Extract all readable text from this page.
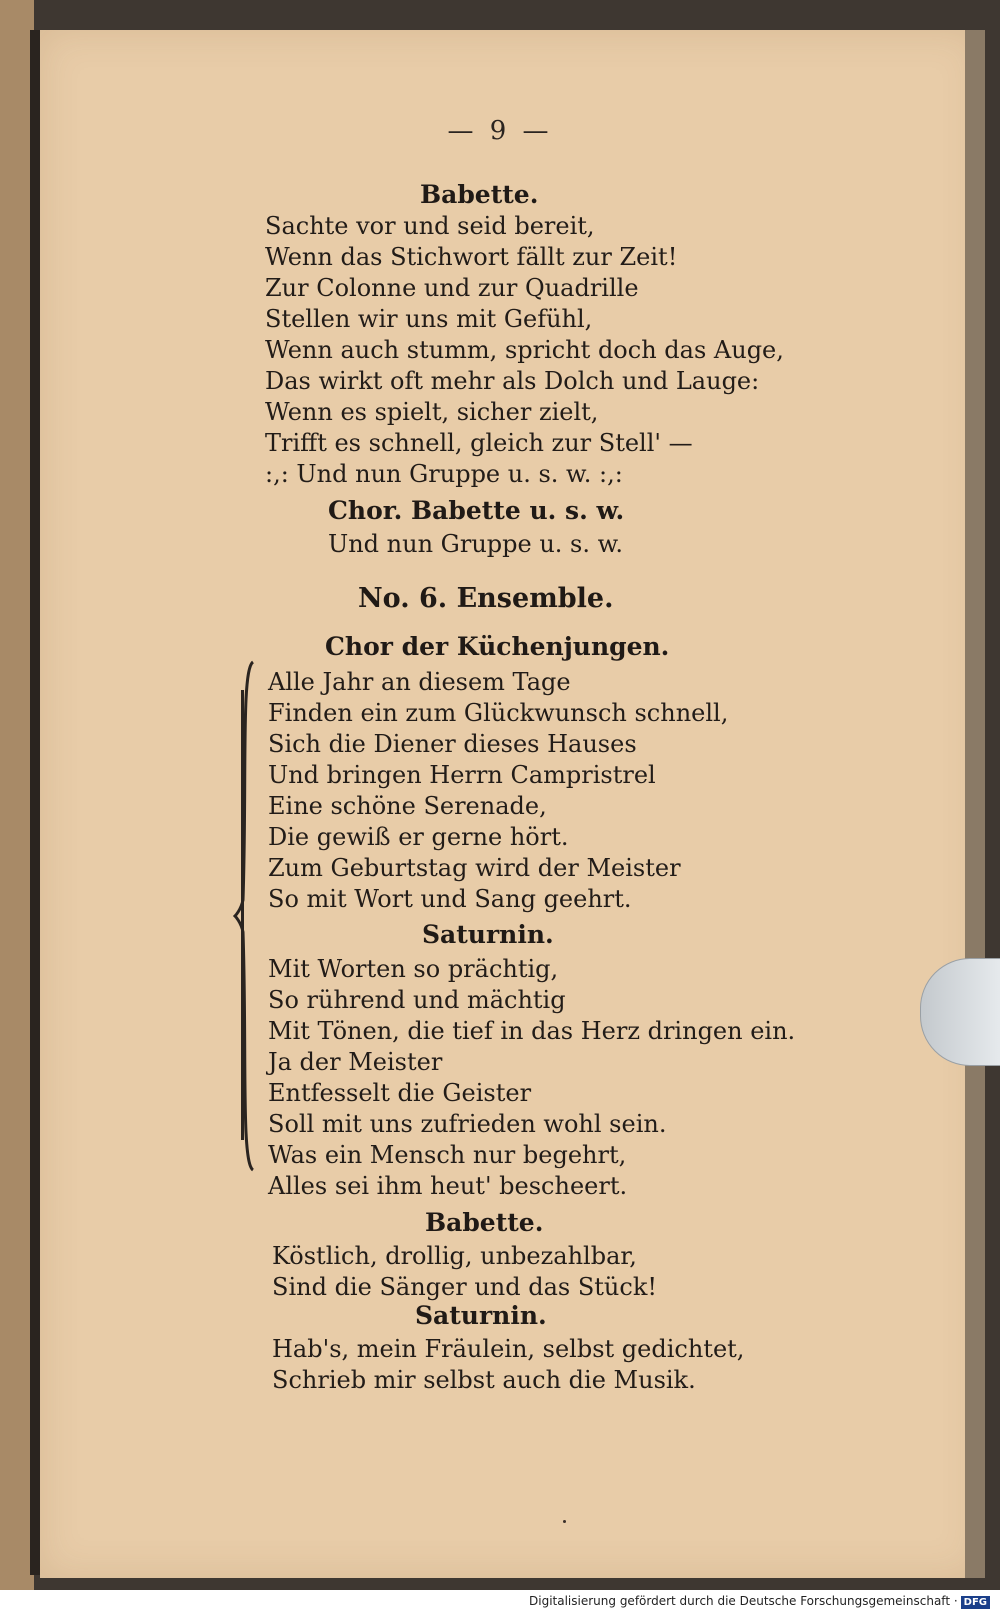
— 9 —
Babette.
Sachte vor und seid bereit,
Wenn das Stichwort fällt zur Zeit!
Zur Colonne und zur Quadrille
Stellen wir uns mit Gefühl,
Wenn auch stumm, spricht doch das Auge,
Das wirkt oft mehr als Dolch und Lauge:
Wenn es spielt, sicher zielt,
Trifft es schnell, gleich zur Stell' —
:,: Und nun Gruppe u. s. w. :,:
Chor. Babette u. s. w.
Und nun Gruppe u. s. w.
No. 6. Ensemble.
Chor der Küchenjungen.
Alle Jahr an diesem Tage
Finden ein zum Glückwunsch schnell,
Sich die Diener dieses Hauses
Und bringen Herrn Campristrel
Eine schöne Serenade,
Die gewiß er gerne hört.
Zum Geburtstag wird der Meister
So mit Wort und Sang geehrt.
Saturnin.
Mit Worten so prächtig,
So rührend und mächtig
Mit Tönen, die tief in das Herz dringen ein.
Ja der Meister
Entfesselt die Geister
Soll mit uns zufrieden wohl sein.
Was ein Mensch nur begehrt,
Alles sei ihm heut' bescheert.
Babette.
Köstlich, drollig, unbezahlbar,
Sind die Sänger und das Stück!
Saturnin.
Hab's, mein Fräulein, selbst gedichtet,
Schrieb mir selbst auch die Musik.
Digitalisierung gefördert durch die Deutsche Forschungsgemeinschaft · DFG
